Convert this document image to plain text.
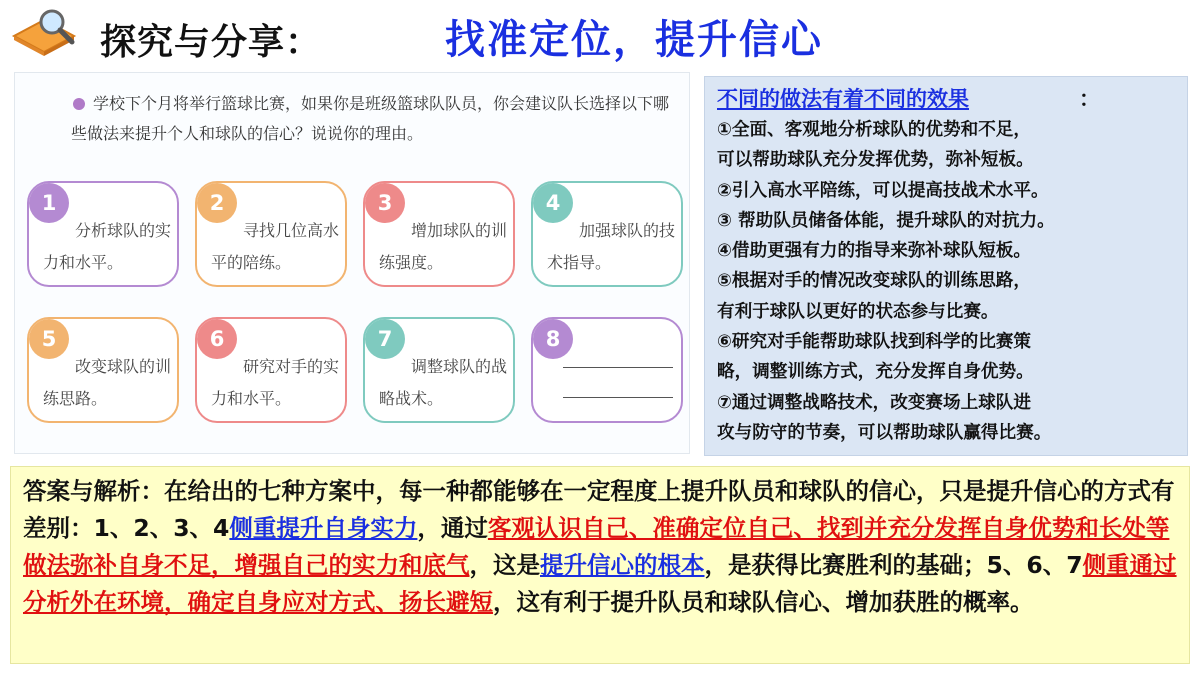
探究与分享：	找准定位，提升信心
学校下个月将举行篮球比赛，如果你是班级篮球队队员，你会建议队长选择以下哪些做法来提升个人和球队的信心？说说你的理由。
1
分析球队的实力和水平。
2
寻找几位高水平的陪练。
3
增加球队的训练强度。
4
加强球队的技术指导。
5
改变球队的训练思路。
6
研究对手的实力和水平。
7
调整球队的战略战术。
8
不同的做法有着不同的效果	：
①全面、客观地分析球队的优势和不足，
可以帮助球队充分发挥优势，弥补短板。
②引入高水平陪练，可以提高技战术水平。
③ 帮助队员储备体能，提升球队的对抗力。
④借助更强有力的指导来弥补球队短板。
⑤根据对手的情况改变球队的训练思路，
有利于球队以更好的状态参与比赛。
⑥研究对手能帮助球队找到科学的比赛策
略，调整训练方式，充分发挥自身优势。
⑦通过调整战略技术，改变赛场上球队进
攻与防守的节奏，可以帮助球队赢得比赛。
答案与解析：在给出的七种方案中，每一种都能够在一定程度上提升队员和球队的信心，只是提升信心的方式有差别：1、2、3、4侧重提升自身实力，通过客观认识自己、准确定位自己、找到并充分发挥自身优势和长处等做法弥补自身不足，增强自己的实力和底气，这是提升信心的根本，是获得比赛胜利的基础；5、6、7侧重通过分析外在环境，确定自身应对方式、扬长避短，这有利于提升队员和球队信心、增加获胜的概率。
